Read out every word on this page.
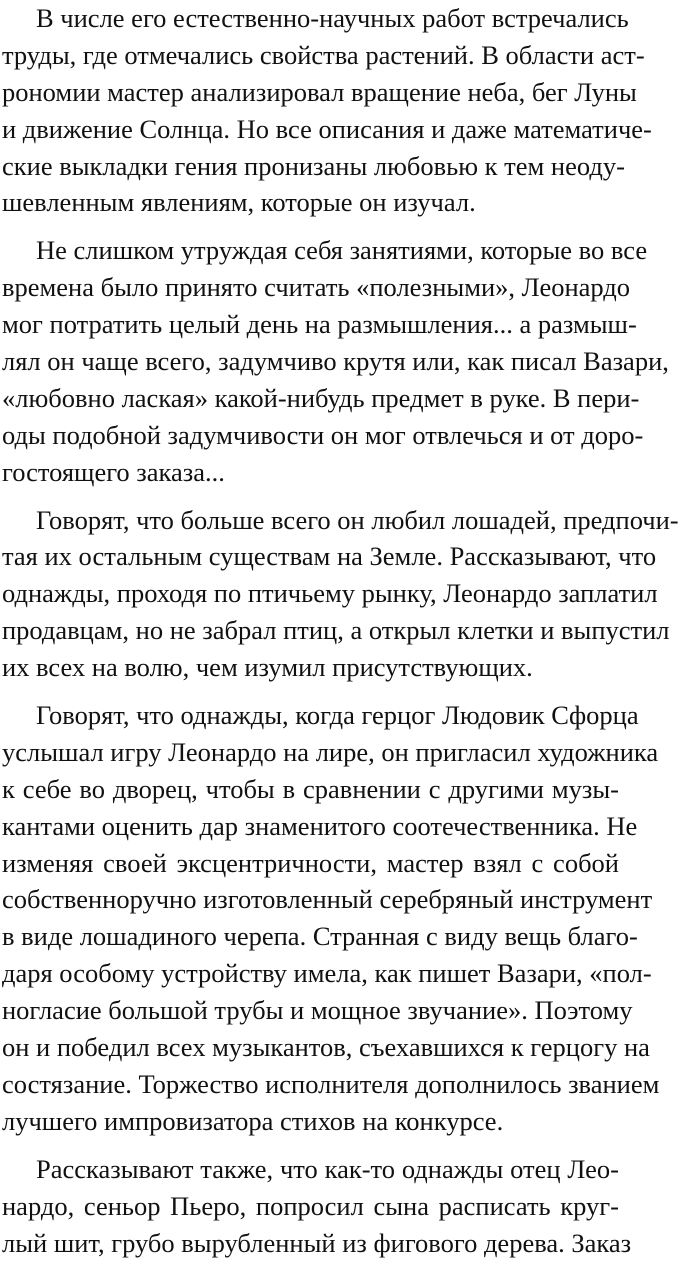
В числе его естественно-научных работ встречались
труды, где отмечались свойства растений. В области аст-
рономии мастер анализировал вращение неба, бег Луны
и движение Солнца. Но все описания и даже математиче-
ские выкладки гения пронизаны любовью к тем неоду-
шевленным явлениям, которые он изучал.
Не слишком утруждая себя занятиями, которые во все
времена было принято считать «полезными», Леонардо
мог потратить целый день на размышления... а размыш-
лял он чаще всего, задумчиво крутя или, как писал Вазари,
«любовно лаская» какой-нибудь предмет в руке. В пери-
оды подобной задумчивости он мог отвлечься и от доро-
гостоящего заказа...
Говорят, что больше всего он любил лошадей, предпочи-
тая их остальным существам на Земле. Рассказывают, что
однажды, проходя по птичьему рынку, Леонардо заплатил
продавцам, но не забрал птиц, а открыл клетки и выпустил
их всех на волю, чем изумил присутствующих.
Говорят, что однажды, когда герцог Людовик Сфорца
услышал игру Леонардо на лире, он пригласил художника
к себе во дворец, чтобы в сравнении с другими музы-
кантами оценить дар знаменитого соотечественника. Не
изменяя своей эксцентричности, мастер взял с собой
собственноручно изготовленный серебряный инструмент
в виде лошадиного черепа. Странная с виду вещь благо-
даря особому устройству имела, как пишет Вазари, «пол-
ногласие большой трубы и мощное звучание». Поэтому
он и победил всех музыкантов, съехавшихся к герцогу на
состязание. Торжество исполнителя дополнилось званием
лучшего импровизатора стихов на конкурсе.
Рассказывают также, что как-то однажды отец Лео-
нардо, сеньор Пьеро, попросил сына расписать круг-
лый шит, грубо вырубленный из фигового дерева. Заказ
